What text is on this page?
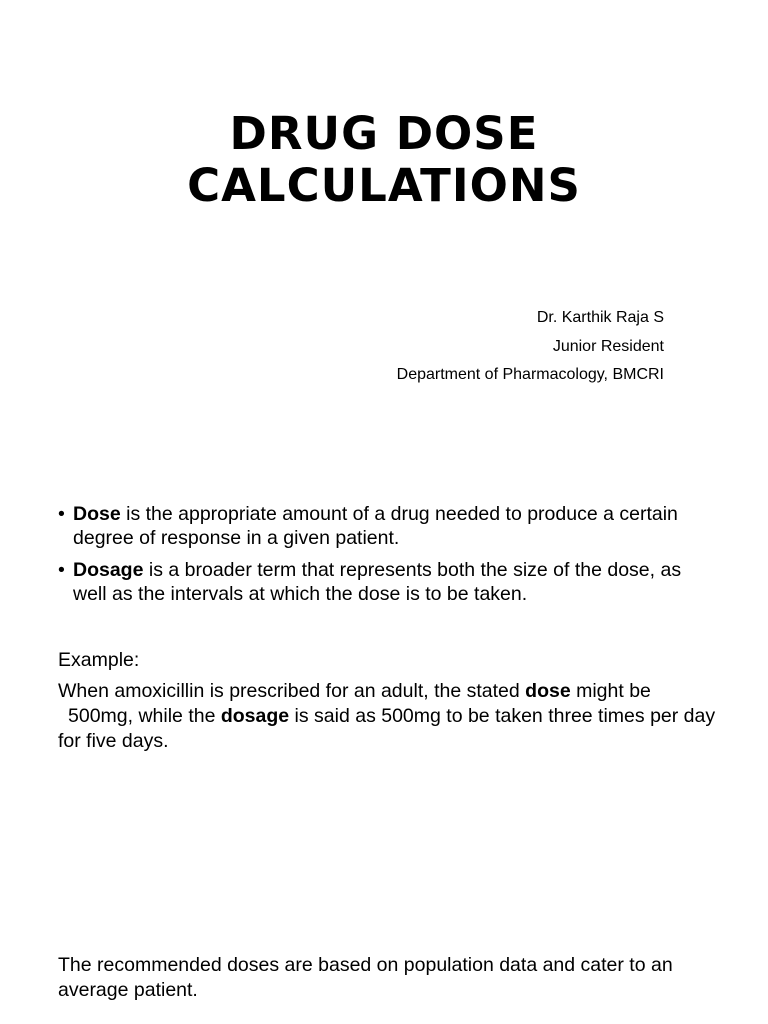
DRUG DOSE
CALCULATIONS
Dr. Karthik Raja S
Junior Resident
Department of Pharmacology, BMCRI
• Dose is the appropriate amount of a drug needed to produce a certain degree of response in a given patient.
• Dosage is a broader term that represents both the size of the dose, as well as the intervals at which the dose is to be taken.
Example:
When amoxicillin is prescribed for an adult, the stated dose might be
500mg, while the dosage is said as 500mg to be taken three times per day for five days.
The recommended doses are based on population data and cater to an average patient.
